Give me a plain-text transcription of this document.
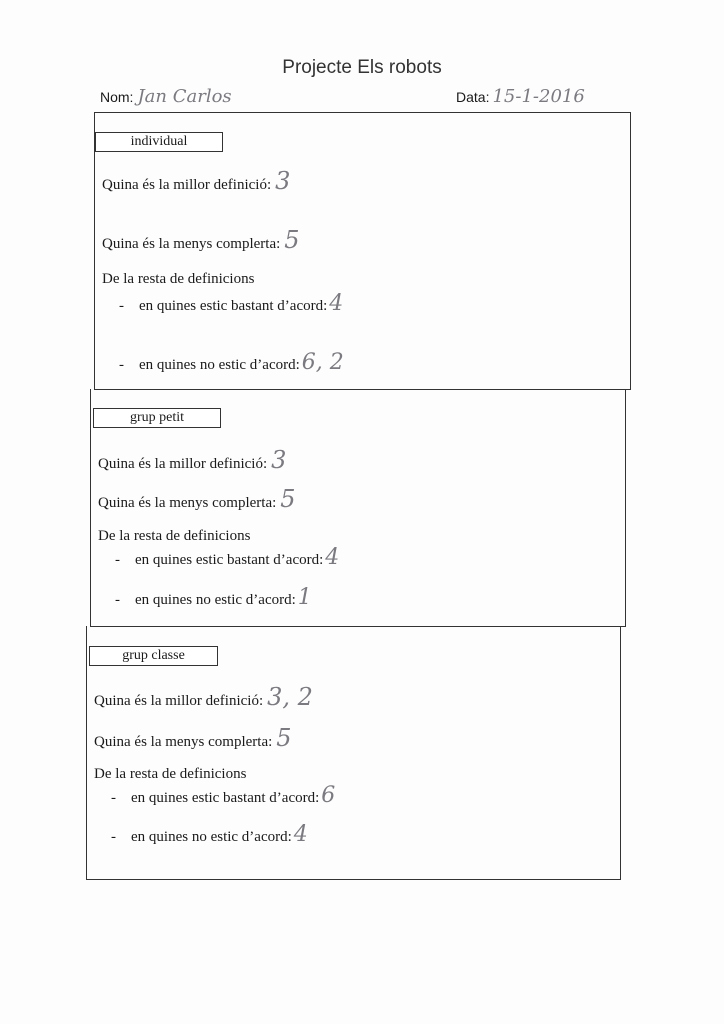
Projecte Els robots
Nom: Jan Carlos	Data: 15-1-2016
individual
Quina és la millor definició: 3
Quina és la menys complerta: 5
De la resta de definicions
- en quines estic bastant d’acord:4
- en quines no estic d’acord:6, 2
grup petit
Quina és la millor definició: 3
Quina és la menys complerta: 5
De la resta de definicions
- en quines estic bastant d’acord:4
- en quines no estic d’acord:1
grup classe
Quina és la millor definició: 3, 2
Quina és la menys complerta: 5
De la resta de definicions
- en quines estic bastant d’acord:6
- en quines no estic d’acord:4
